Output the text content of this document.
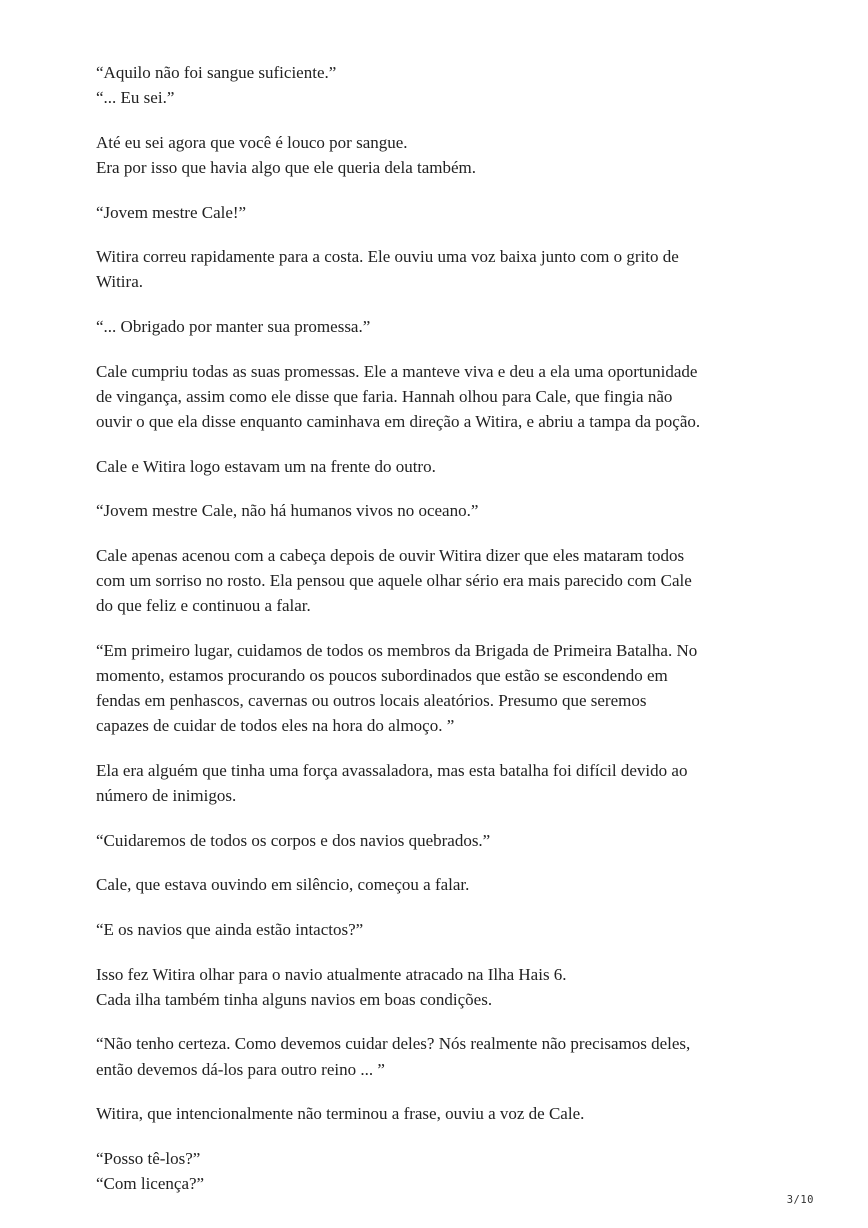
“Aquilo não foi sangue suficiente.”
“... Eu sei.”

Até eu sei agora que você é louco por sangue.
Era por isso que havia algo que ele queria dela também.

“Jovem mestre Cale!”

Witira correu rapidamente para a costa. Ele ouviu uma voz baixa junto com o grito de
Witira.

“... Obrigado por manter sua promessa.”

Cale cumpriu todas as suas promessas. Ele a manteve viva e deu a ela uma oportunidade
de vingança, assim como ele disse que faria. Hannah olhou para Cale, que fingia não
ouvir o que ela disse enquanto caminhava em direção a Witira, e abriu a tampa da poção.

Cale e Witira logo estavam um na frente do outro.

“Jovem mestre Cale, não há humanos vivos no oceano.”

Cale apenas acenou com a cabeça depois de ouvir Witira dizer que eles mataram todos
com um sorriso no rosto. Ela pensou que aquele olhar sério era mais parecido com Cale
do que feliz e continuou a falar.

“Em primeiro lugar, cuidamos de todos os membros da Brigada de Primeira Batalha. No
momento, estamos procurando os poucos subordinados que estão se escondendo em
fendas em penhascos, cavernas ou outros locais aleatórios. Presumo que seremos
capazes de cuidar de todos eles na hora do almoço. ”

Ela era alguém que tinha uma força avassaladora, mas esta batalha foi difícil devido ao
número de inimigos.

“Cuidaremos de todos os corpos e dos navios quebrados.”

Cale, que estava ouvindo em silêncio, começou a falar.

“E os navios que ainda estão intactos?”

Isso fez Witira olhar para o navio atualmente atracado na Ilha Hais 6.
Cada ilha também tinha alguns navios em boas condições.

“Não tenho certeza. Como devemos cuidar deles? Nós realmente não precisamos deles,
então devemos dá-los para outro reino ... ”

Witira, que intencionalmente não terminou a frase, ouviu a voz de Cale.

“Posso tê-los?”
“Com licença?”

3/10
